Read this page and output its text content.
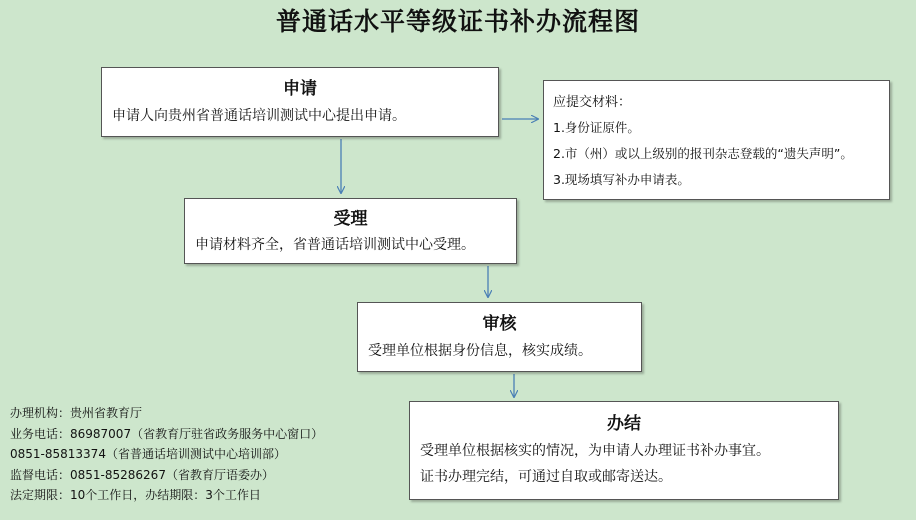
普通话水平等级证书补办流程图
申请
申请人向贵州省普通话培训测试中心提出申请。
应提交材料：
1.身份证原件。
2.市（州）或以上级别的报刊杂志登载的“遗失声明”。
3.现场填写补办申请表。
受理
申请材料齐全，省普通话培训测试中心受理。
审核
受理单位根据身份信息，核实成绩。
办结
受理单位根据核实的情况，为申请人办理证书补办事宜。
证书办理完结，可通过自取或邮寄送达。
办理机构：贵州省教育厅
业务电话：86987007（省教育厅驻省政务服务中心窗口）
0851-85813374（省普通话培训测试中心培训部）
监督电话：0851-85286267（省教育厅语委办）
法定期限：10个工作日，办结期限：3个工作日
